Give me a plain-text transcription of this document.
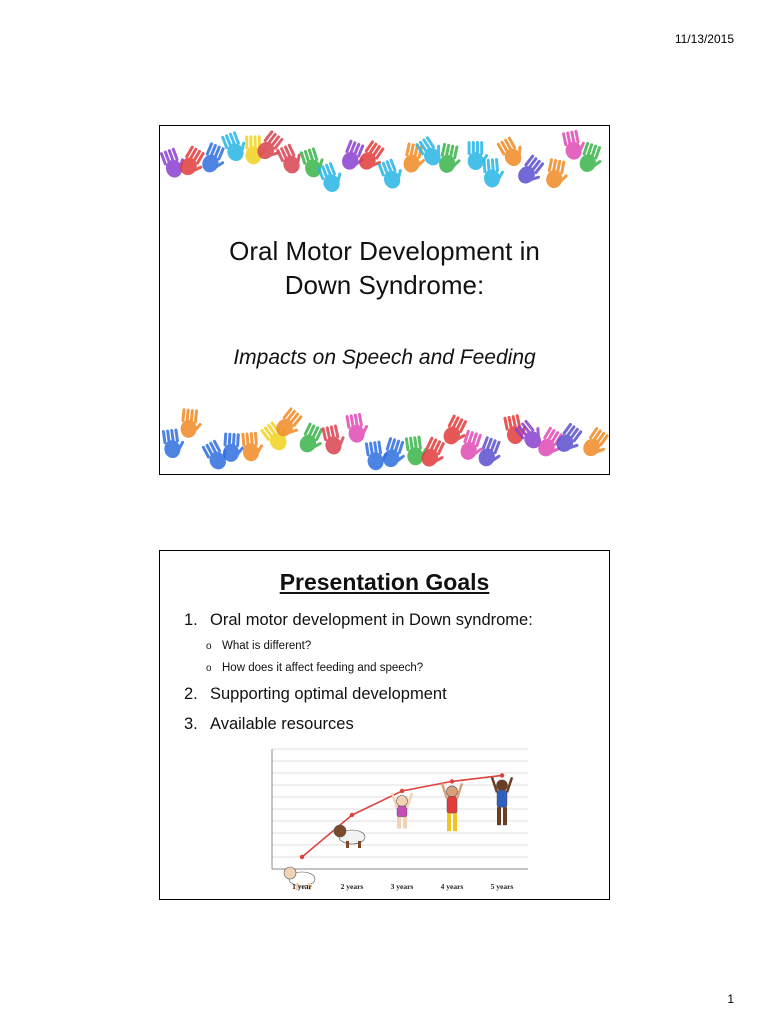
11/13/2015
Oral Motor Development in
Down Syndrome:
Impacts on Speech and Feeding
Presentation Goals
1. Oral motor development in Down syndrome:
o What is different?
o How does it affect feeding and speech?
2. Supporting optimal development
3. Available resources
1 year	2 years	3 years	4 years	5 years
1
